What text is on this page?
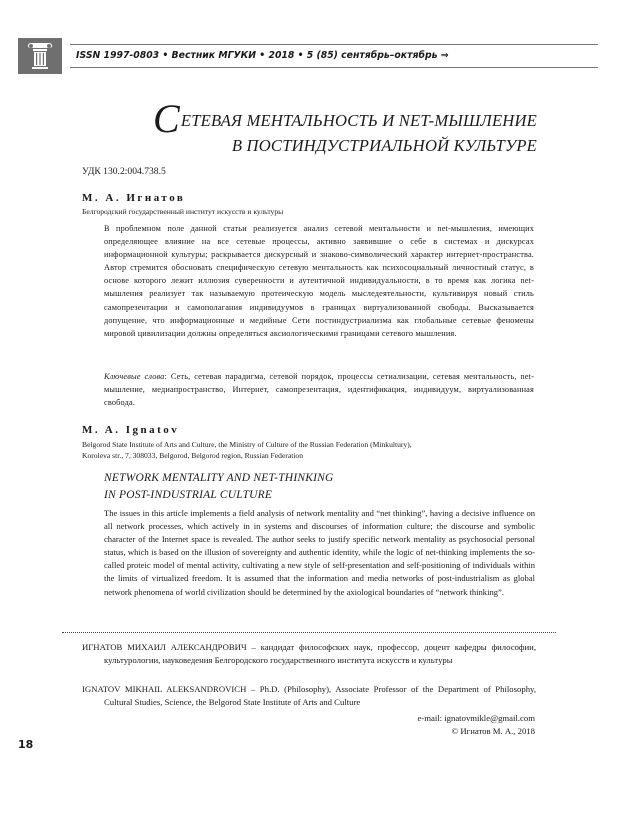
ISSN 1997-0803 • Вестник МГУКИ • 2018 • 5 (85) сентябрь–октябрь ⇒
СЕТЕВАЯ МЕНТАЛЬНОСТЬ И NET-МЫШЛЕНИЕ
В ПОСТИНДУСТРИАЛЬНОЙ КУЛЬТУРЕ
УДК 130.2:004.738.5
М. А. Игнатов
Белгородский государственный институт искусств и культуры
В проблемном поле данной статьи реализуется анализ сетевой ментальности и net-мышления, имеющих определяющее влияние на все сетевые процессы, активно заявившие о себе в системах и дискурсах информационной культуры; раскрывается дискурсный и знаково-символический характер интернет-пространства. Автор стремится обосновать специфическую сетевую ментальность как психосоциальный личностный статус, в основе которого лежит иллюзия суверенности и аутентичной индивидуальности, в то время как логика net-мышления реализует так называемую протеическую модель мыследеятельности, культивируя новый стиль самопрезентации и самополагания индивидуумов в границах виртуализованной свободы. Высказывается допущение, что информационные и медийные Сети постиндустриализма как глобальные сетевые феномены мировой цивилизации должны определяться аксиологическими границами сетевого мышления.
Ключевые слова: Сеть, сетевая парадигма, сетевой порядок, процессы сетиализации, сетевая ментальность, net-мышление, медиапространство, Интернет, самопрезентация, идентификация, индивидуум, виртуализованная свобода.
M. A. Ignatov
Belgorod State Institute of Arts and Culture, the Ministry of Culture of the Russian Federation (Minkultury),
Koroleva str., 7, 308033, Belgorod, Belgorod region, Russian Federation
NETWORK MENTALITY AND NET-THINKING
IN POST-INDUSTRIAL CULTURE
The issues in this article implements a field analysis of network mentality and “net thinking”, having a decisive influence on all network processes, which actively in in systems and discourses of information culture; the discourse and symbolic character of the Internet space is revealed. The author seeks to justify specific network mentality as psychosocial personal status, which is based on the illusion of sovereignty and authentic identity, while the logic of net-thinking implements the so-called proteic model of mental activity, cultivating a new style of self-presentation and self-positioning of individuals within the limits of virtualized freedom. It is assumed that the information and media networks of post-industrialism as global network phenomena of world civilization should be determined by the axiological boundaries of “network thinking”.
ИГНАТОВ МИХАИЛ АЛЕКСАНДРОВИЧ – кандидат философских наук, профессор, доцент кафедры философии, культурологии, науковедения Белгородского государственного института искусств и культуры
IGNATOV MIKHAIL ALEKSANDROVICH – Ph.D. (Philosophy), Associate Professor of the Department of Philosophy, Cultural Studies, Science, the Belgorod State Institute of Arts and Culture
e-mail: ignatovmikle@gmail.com
© Игнатов М. А., 2018
18
